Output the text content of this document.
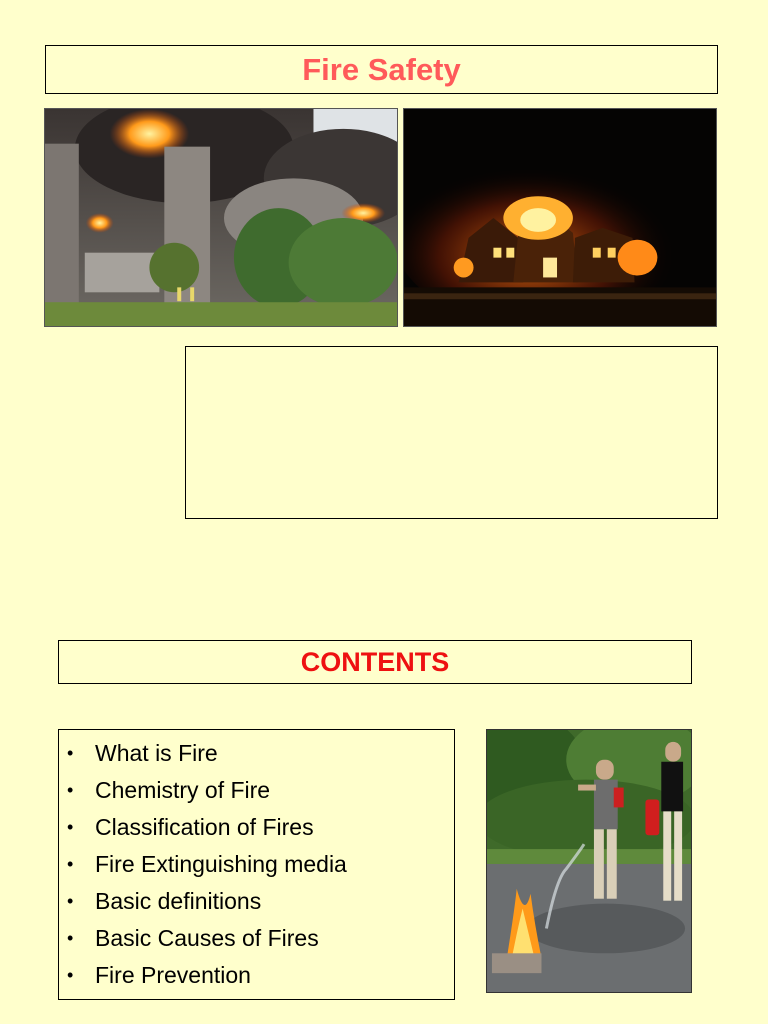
Fire Safety
CONTENTS
• What is Fire
• Chemistry of Fire
• Classification of Fires
• Fire Extinguishing media
• Basic definitions
• Basic Causes of Fires
• Fire Prevention
